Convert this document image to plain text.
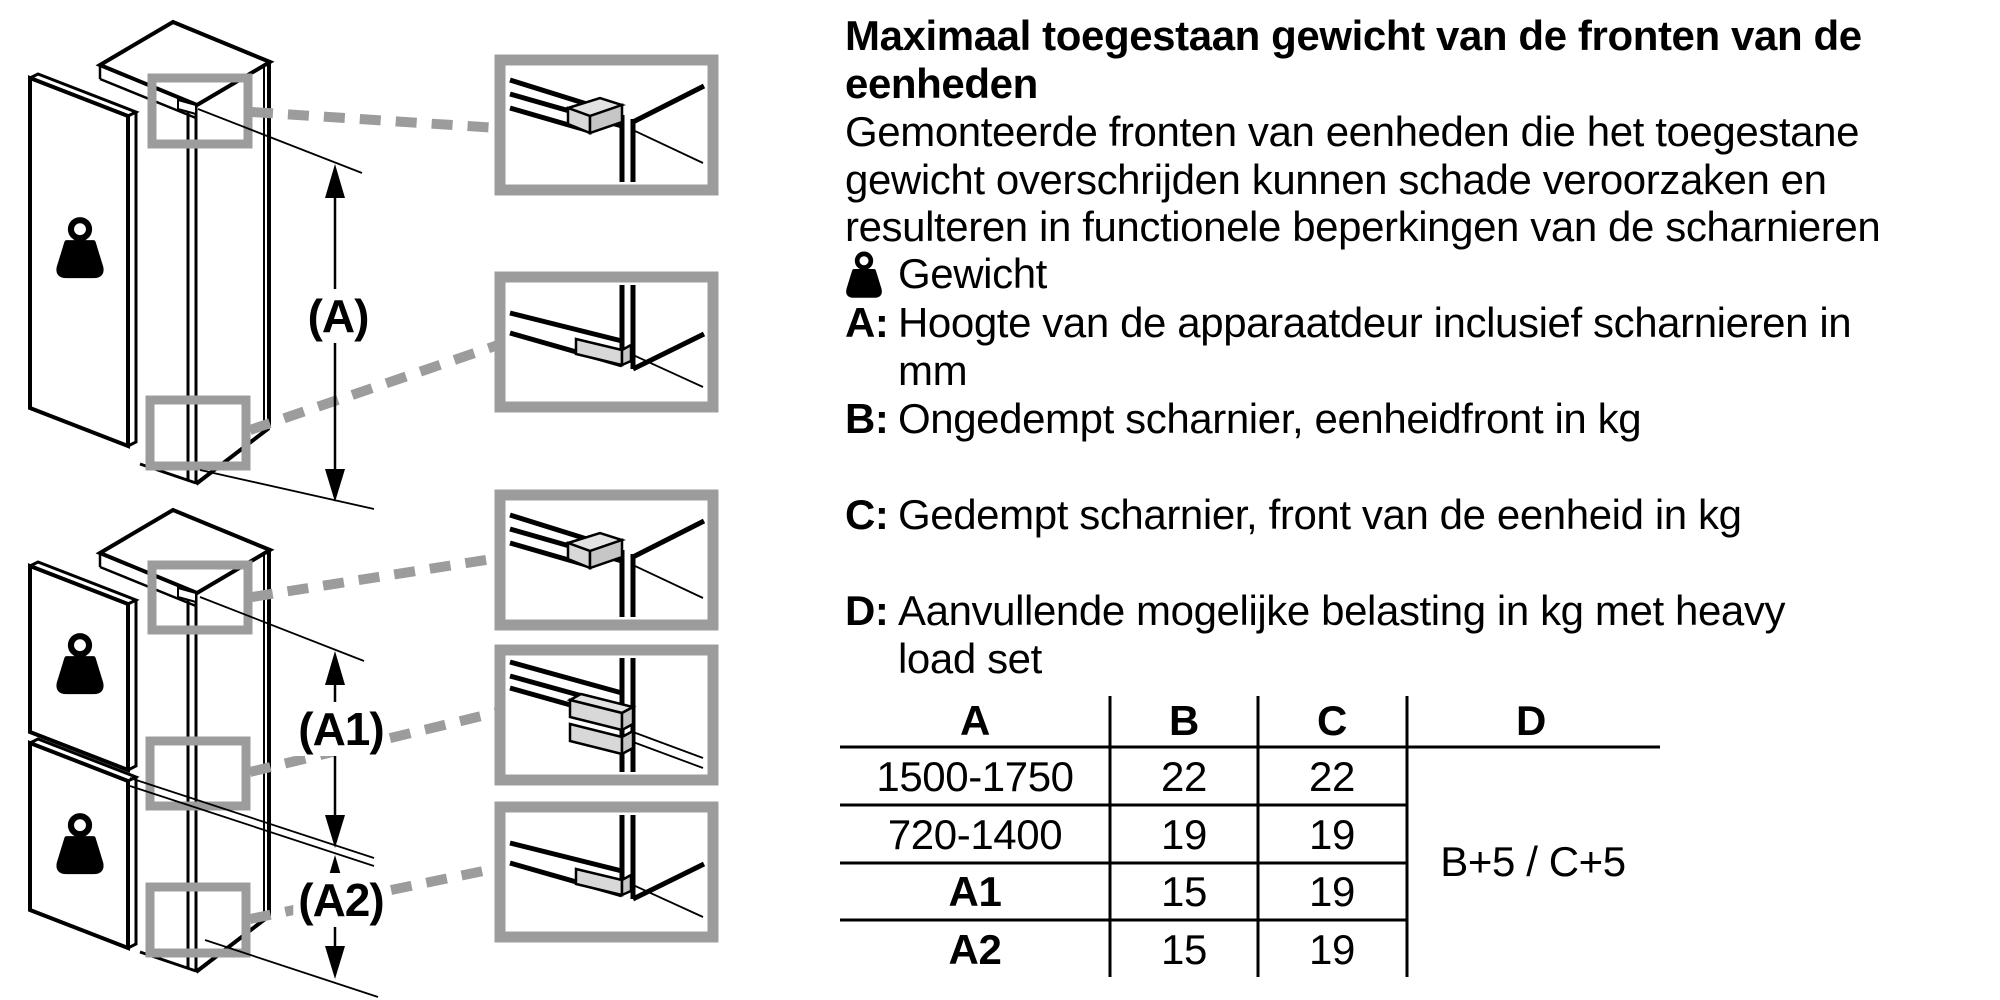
Maximaal toegestaan gewicht van de fronten van de
eenheden
Gemonteerde fronten van eenheden die het toegestane
gewicht overschrijden kunnen schade veroorzaken en
resulteren in functionele beperkingen van de scharnieren
Gewicht
A: Hoogte van de apparaatdeur inclusief scharnieren in
mm
B: Ongedempt scharnier, eenheidfront in kg
C: Gedempt scharnier, front van de eenheid in kg
D: Aanvullende mogelijke belasting in kg met heavy
load set
(A)
(A1)
(A2)
A	B	C	D
1500-1750 22 22
720-1400 19 19
A1	15 19
A2	15 19
B+5 / C+5
